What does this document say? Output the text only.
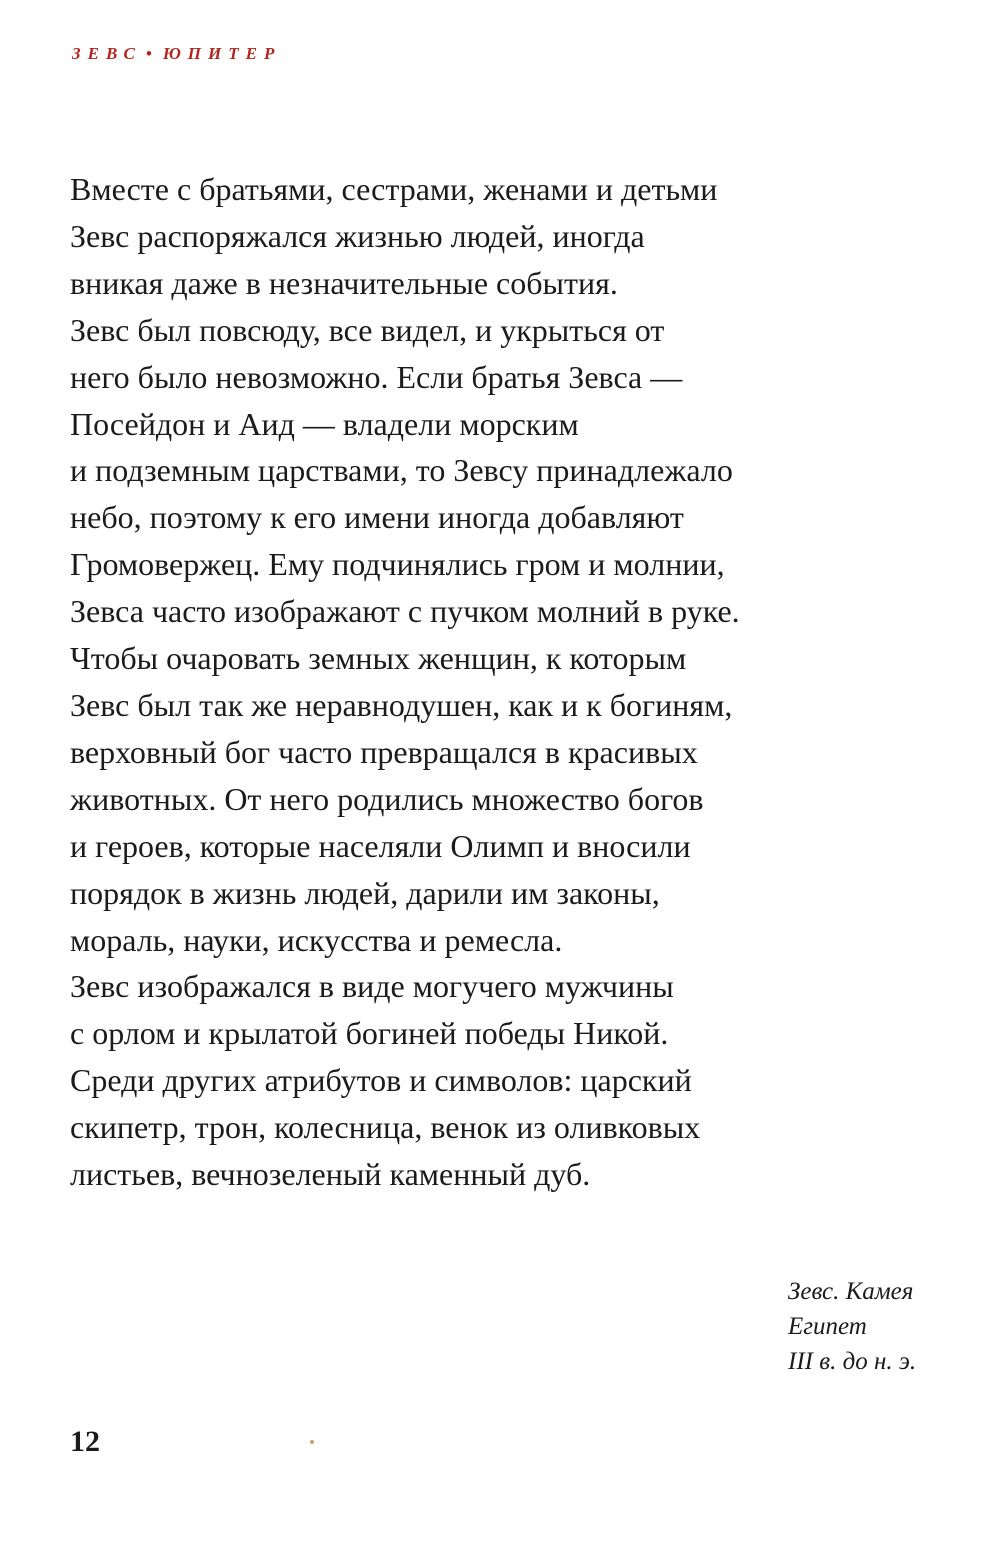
ЗЕВС • ЮПИТЕР
Вместе с братьями, сестрами, женами и детьми
Зевс распоряжался жизнью людей, иногда
вникая даже в незначительные события.
Зевс был повсюду, все видел, и укрыться от
него было невозможно. Если братья Зевса —
Посейдон и Аид — владели морским
и подземным царствами, то Зевсу принадлежало
небо, поэтому к его имени иногда добавляют
Громовержец. Ему подчинялись гром и молнии,
Зевса часто изображают с пучком молний в руке.
Чтобы очаровать земных женщин, к которым
Зевс был так же неравнодушен, как и к богиням,
верховный бог часто превращался в красивых
животных. От него родились множество богов
и героев, которые населяли Олимп и вносили
порядок в жизнь людей, дарили им законы,
мораль, науки, искусства и ремесла.
Зевс изображался в виде могучего мужчины
с орлом и крылатой богиней победы Никой.
Среди других атрибутов и символов: царский
скипетр, трон, колесница, венок из оливковых
листьев, вечнозеленый каменный дуб.
Зевс. Камея
Египет
III в. до н. э.
12
